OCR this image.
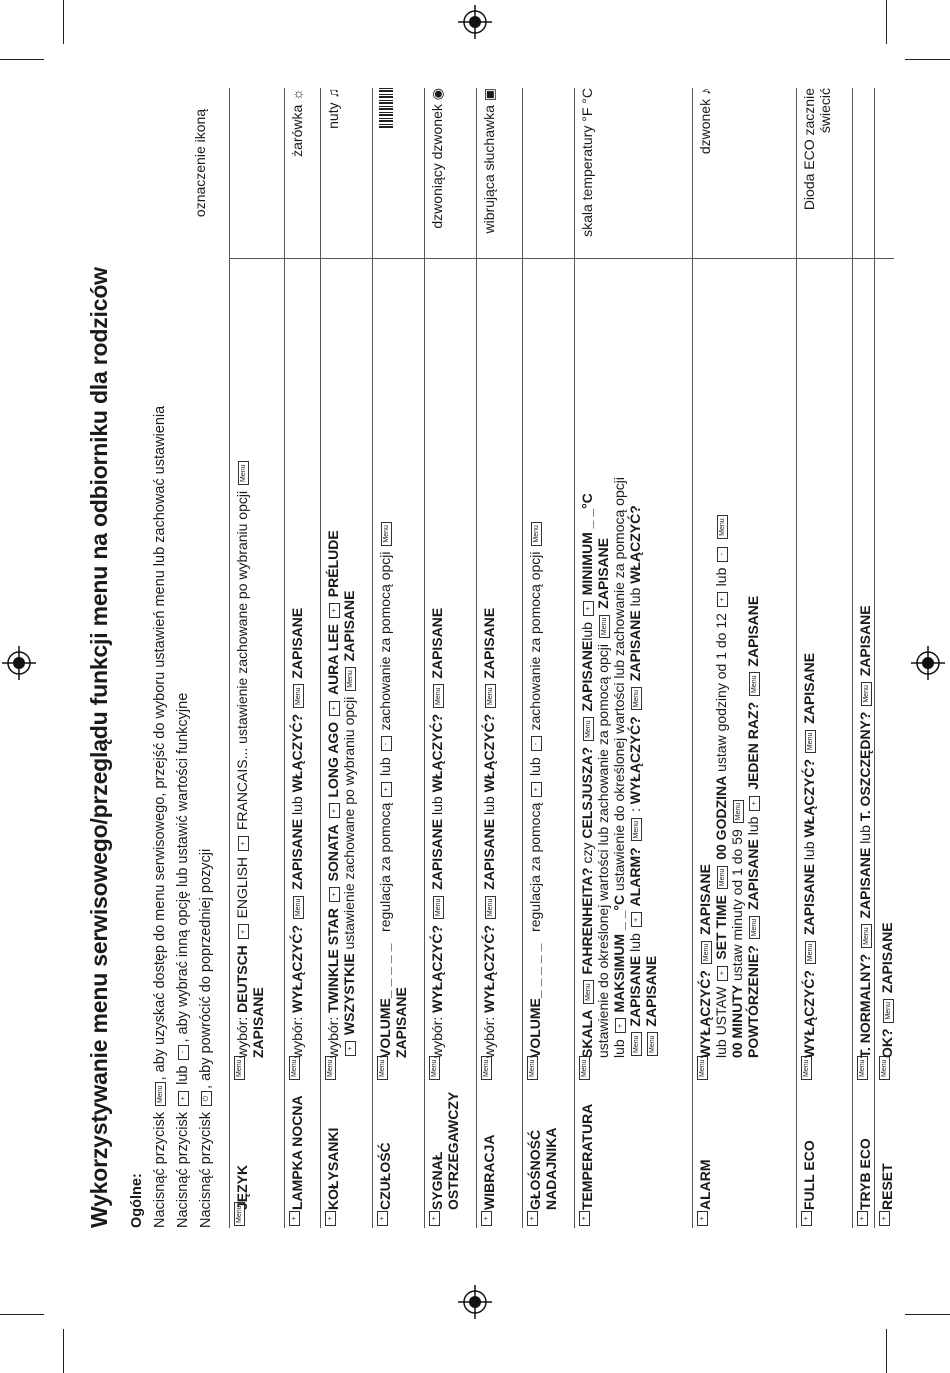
Wykorzystywanie menu serwisowego/przeglądu funkcji menu na odbiorniku dla rodziców Ogólne: Nacisnąć przycisk Menu, aby uzyskać dostęp do menu serwisowego, przejść do wyboru ustawień menu lub zachować ustawienia
Nacisnąć przycisk + lub -, aby wybrać inną opcję lub ustawić wartości funkcyjne
Nacisnąć przycisk ⏻, aby powrócić do poprzedniej pozycji
oznaczenie ikoną
Menu
JĘZYK
Menu
wybór: DEUTSCH + ENGLISH + FRANCAIS... ustawienie zachowane po wybraniu opcji Menu
ZAPISANE
+
LAMPKA NOCNA
Menu
wybór: WYŁĄCZYĆ? Menu ZAPISANE lub WŁĄCZYĆ? Menu ZAPISANE
żarówka ☼
+
KOŁYSANKI
Menu
wybór: TWINKLE STAR + SONATA + LONG AGO + AURA LEE + PRÉLUDE
+ WSZYSTKIE ustawienie zachowane po wybraniu opcji Menu ZAPISANE
nuty ♫
+
CZUŁOŚĆ
Menu
VOLUME_ _ _ _ _   regulacja za pomocą + lub - zachowanie za pomocą opcji Menu
ZAPISANE
+
SYGNAŁ OSTRZEGAWCZY
Menu
wybór: WYŁĄCZYĆ? Menu ZAPISANE lub WŁĄCZYĆ? Menu ZAPISANE
dzwoniący dzwonek ◉
+
WIBRACJA
Menu
wybór: WYŁĄCZYĆ? Menu ZAPISANE lub WŁĄCZYĆ? Menu ZAPISANE
wibrująca słuchawka ▣
+
GŁOŚNOŚĆ NADAJNIKA
Menu
VOLUME_ _ _ _ _   regulacja za pomocą + lub - zachowanie za pomocą opcji Menu
+
TEMPERATURA
Menu
SKALA Menu FAHRENHEITA? czy CELSJUSZA? Menu ZAPISANElub + MINIMUM _ _°C
ustawienie do określonej wartości lub zachowanie za pomocą opcji Menu ZAPISANE
lub + MAKSIMUM _ _°C ustawienie do określonej wartości lub zachowanie za pomocą opcji
Menu ZAPISANE lub + ALARM? Menu : WYŁĄCZYĆ? Menu ZAPISANE lub WŁĄCZYĆ?
Menu ZAPISANE
skala temperatury °F °C
+
ALARM
Menu
WYŁĄCZYĆ? Menu ZAPISANE
lub USTAW + SET TIME Menu 00 GODZINA ustaw godziny od 1 do 12 + lub - Menu
00 MINUTY ustaw minuty od 1 do 59 Menu
POWTÓRZENIE? Menu ZAPISANE lub + JEDEN RAZ? Menu ZAPISANE
dzwonek ♪
+
FULL ECO
Menu
WYŁĄCZYĆ? Menu ZAPISANE lub WŁĄCZYĆ? Menu ZAPISANE
Dioda ECO zacznie świecić
+
TRYB ECO
Menu
T. NORMALNY? Menu ZAPISANE lub T. OSZCZĘDNY? Menu ZAPISANE
+
RESET
Menu
OK? Menu ZAPISANE
